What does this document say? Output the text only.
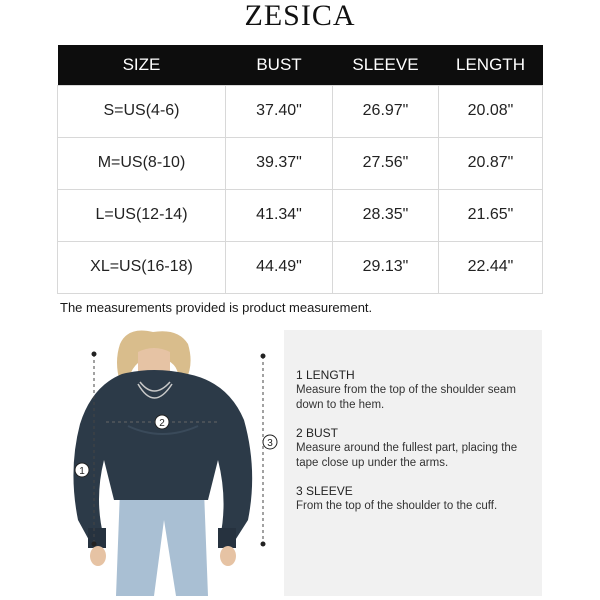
ZESICA
SIZE	BUST	SLEEVE	LENGTH
S=US(4-6)	37.40"	26.97"	20.08"
M=US(8-10)	39.37"	27.56"	20.87"
L=US(12-14)	41.34"	28.35"	21.65"
XL=US(16-18)	44.49"	29.13"	22.44"
The measurements provided is product measurement.
1
2
3
1 LENGTH
Measure from the top of the shoulder seam down to the hem.
2 BUST
Measure around the fullest part, placing the tape close up under the arms.
3 SLEEVE
From the top of the shoulder to the cuff.
